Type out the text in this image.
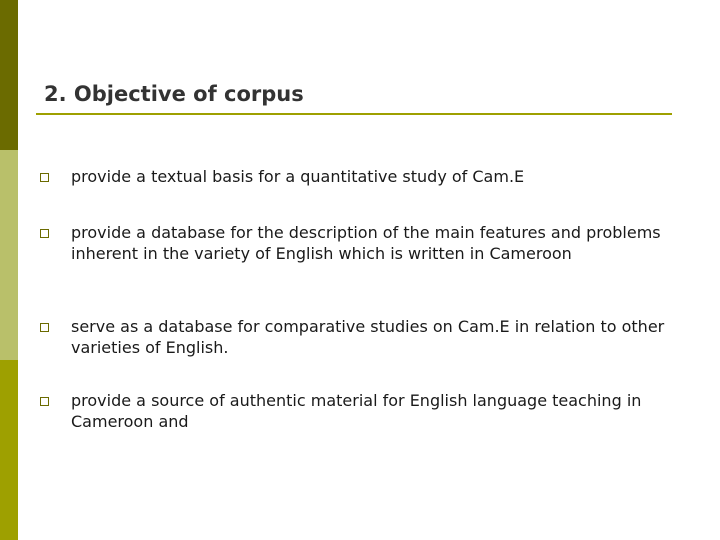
2. Objective of corpus
provide a textual basis for a quantitative study of Cam.E
provide a database for the description of the main features and problems inherent in the variety of English which is written in Cameroon
serve as a database for comparative studies on Cam.E in relation to other varieties of English.
provide a source of authentic material for English language teaching in Cameroon and
